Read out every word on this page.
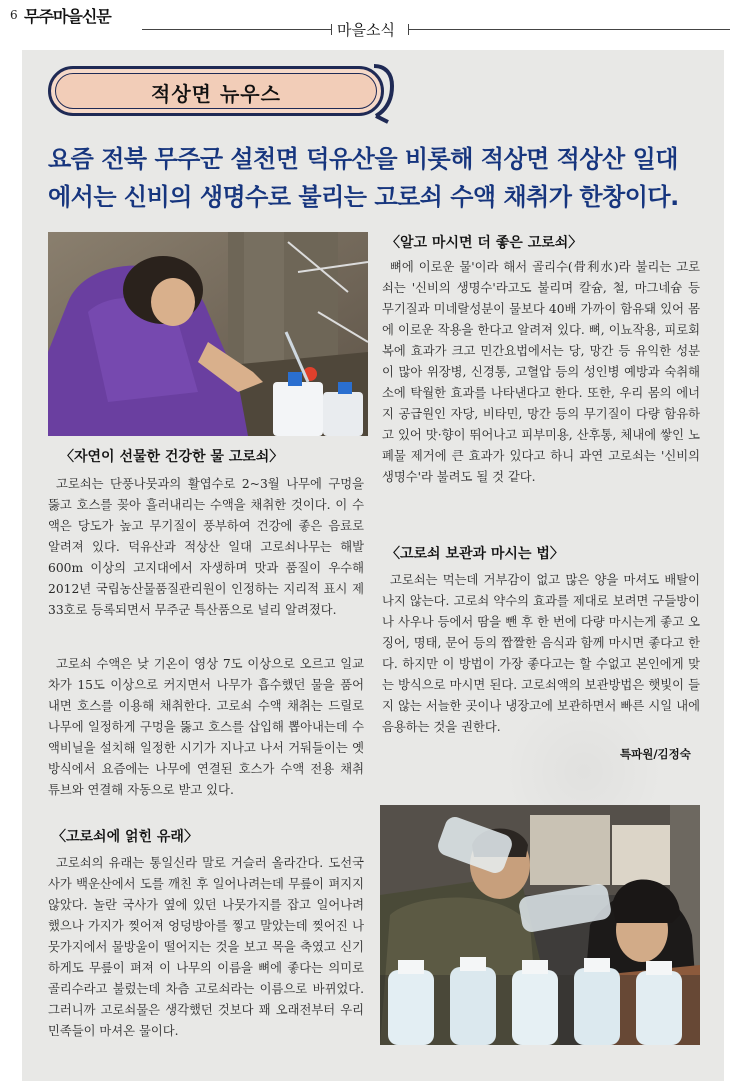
6 무주마을신문
마을소식
적상면 뉴우스
요즘 전북 무주군 설천면 덕유산을 비롯해 적상면 적상산 일대에서는 신비의 생명수로 불리는 고로쇠 수액 채취가 한창이다.
〈자연이 선물한 건강한 물 고로쇠〉
고로쇠는 단풍나뭇과의 활엽수로 2~3월 나무에 구멍을 뚫고 호스를 꽂아 흘러내리는 수액을 채취한 것이다. 이 수액은 당도가 높고 무기질이 풍부하여 건강에 좋은 음료로 알려져 있다. 덕유산과 적상산 일대 고로쇠나무는 해발 600m 이상의 고지대에서 자생하며 맛과 품질이 우수해 2012년 국립농산물품질관리원이 인정하는 지리적 표시 제33호로 등록되면서 무주군 특산품으로 널리 알려졌다.
고로쇠 수액은 낮 기온이 영상 7도 이상으로 오르고 일교차가 15도 이상으로 커지면서 나무가 흡수했던 물을 품어내면 호스를 이용해 채취한다. 고로쇠 수액 채취는 드릴로 나무에 일정하게 구멍을 뚫고 호스를 삽입해 뽑아내는데 수액비닐을 설치해 일정한 시기가 지나고 나서 거둬들이는 옛 방식에서 요즘에는 나무에 연결된 호스가 수액 전용 채취 튜브와 연결해 자동으로 받고 있다.
〈고로쇠에 얽힌 유래〉
고로쇠의 유래는 통일신라 말로 거슬러 올라간다. 도선국사가 백운산에서 도를 깨친 후 일어나려는데 무릎이 펴지지 않았다. 놀란 국사가 옆에 있던 나뭇가지를 잡고 일어나려했으나 가지가 찢어져 엉덩방아를 찧고 말았는데 찢어진 나뭇가지에서 물방울이 떨어지는 것을 보고 목을 축였고 신기하게도 무릎이 펴져 이 나무의 이름을 뼈에 좋다는 의미로 골리수라고 불렀는데 차츰 고로쇠라는 이름으로 바뀌었다. 그러니까 고로쇠물은 생각했던 것보다 꽤 오래전부터 우리 민족들이 마셔온 물이다.
〈알고 마시면 더 좋은 고로쇠〉
뼈에 이로운 물'이라 해서 골리수(骨利水)라 불리는 고로쇠는 '신비의 생명수'라고도 불리며 칼슘, 철, 마그네슘 등 무기질과 미네랄성분이 물보다 40배 가까이 함유돼 있어 몸에 이로운 작용을 한다고 알려져 있다. 뼈, 이뇨작용, 피로회복에 효과가 크고 민간요법에서는 당, 망간 등 유익한 성분이 많아 위장병, 신경통, 고혈압 등의 성인병 예방과 숙취해소에 탁월한 효과를 나타낸다고 한다. 또한, 우리 몸의 에너지 공급원인 자당, 비타민, 망간 등의 무기질이 다량 함유하고 있어 맛·향이 뛰어나고 피부미용, 산후통, 체내에 쌓인 노폐물 제거에 큰 효과가 있다고 하니 과연 고로쇠는 '신비의 생명수'라 불려도 될 것 같다.
〈고로쇠 보관과 마시는 법〉
고로쇠는 먹는데 거부감이 없고 많은 양을 마셔도 배탈이 나지 않는다. 고로쇠 약수의 효과를 제대로 보려면 구들방이나 사우나 등에서 땀을 뺀 후 한 번에 다량 마시는게 좋고 오징어, 명태, 문어 등의 짭짤한 음식과 함께 마시면 좋다고 한다. 하지만 이 방법이 가장 좋다고는 할 수없고 본인에게 맞는 방식으로 마시면 된다. 고로쇠액의 보관방법은 햇빛이 들지 않는 서늘한 곳이나 냉장고에 보관하면서 빠른 시일 내에 음용하는 것을 권한다.
특파원/김정숙
